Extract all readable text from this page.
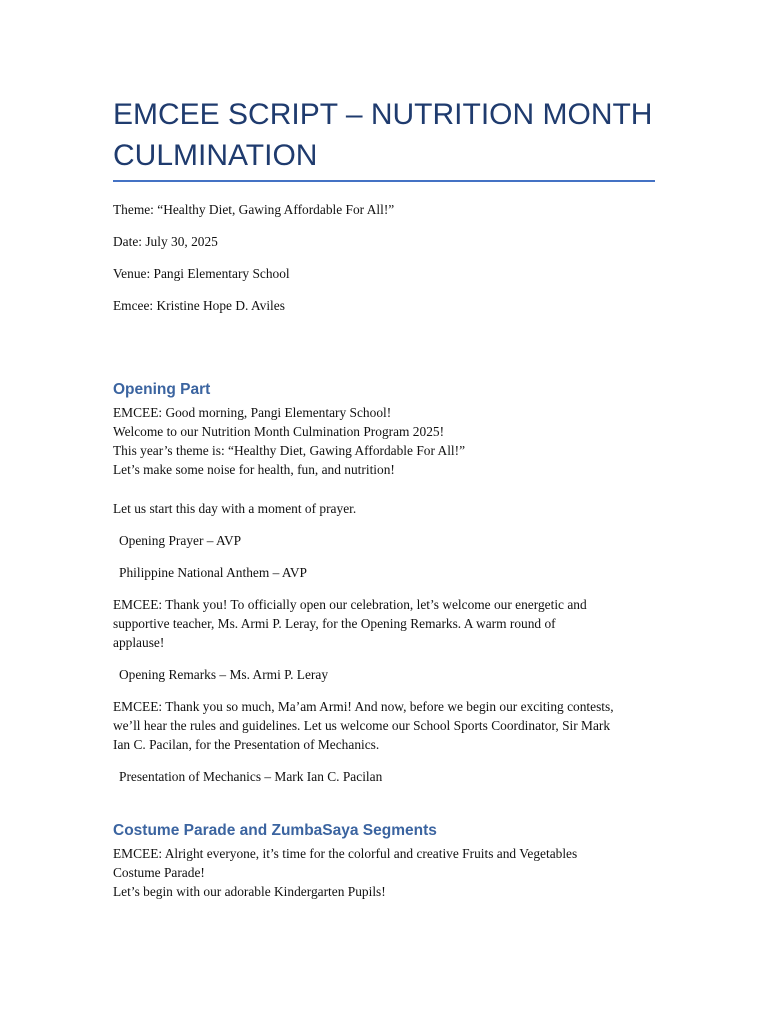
EMCEE SCRIPT – NUTRITION MONTH CULMINATION

Theme: “Healthy Diet, Gawing Affordable For All!”

Date: July 30, 2025

Venue: Pangi Elementary School

Emcee: Kristine Hope D. Aviles

Opening Part

EMCEE: Good morning, Pangi Elementary School!

Welcome to our Nutrition Month Culmination Program 2025!

This year’s theme is: “Healthy Diet, Gawing Affordable For All!”

Let’s make some noise for health, fun, and nutrition!

Let us start this day with a moment of prayer.

Opening Prayer – AVP

Philippine National Anthem – AVP

EMCEE: Thank you! To officially open our celebration, let’s welcome our energetic and

supportive teacher, Ms. Armi P. Leray, for the Opening Remarks. A warm round of

applause!

Opening Remarks – Ms. Armi P. Leray

EMCEE: Thank you so much, Ma’am Armi! And now, before we begin our exciting contests,

we’ll hear the rules and guidelines. Let us welcome our School Sports Coordinator, Sir Mark

Ian C. Pacilan, for the Presentation of Mechanics.

Presentation of Mechanics – Mark Ian C. Pacilan

Costume Parade and ZumbaSaya Segments

EMCEE: Alright everyone, it’s time for the colorful and creative Fruits and Vegetables

Costume Parade!

Let’s begin with our adorable Kindergarten Pupils!
